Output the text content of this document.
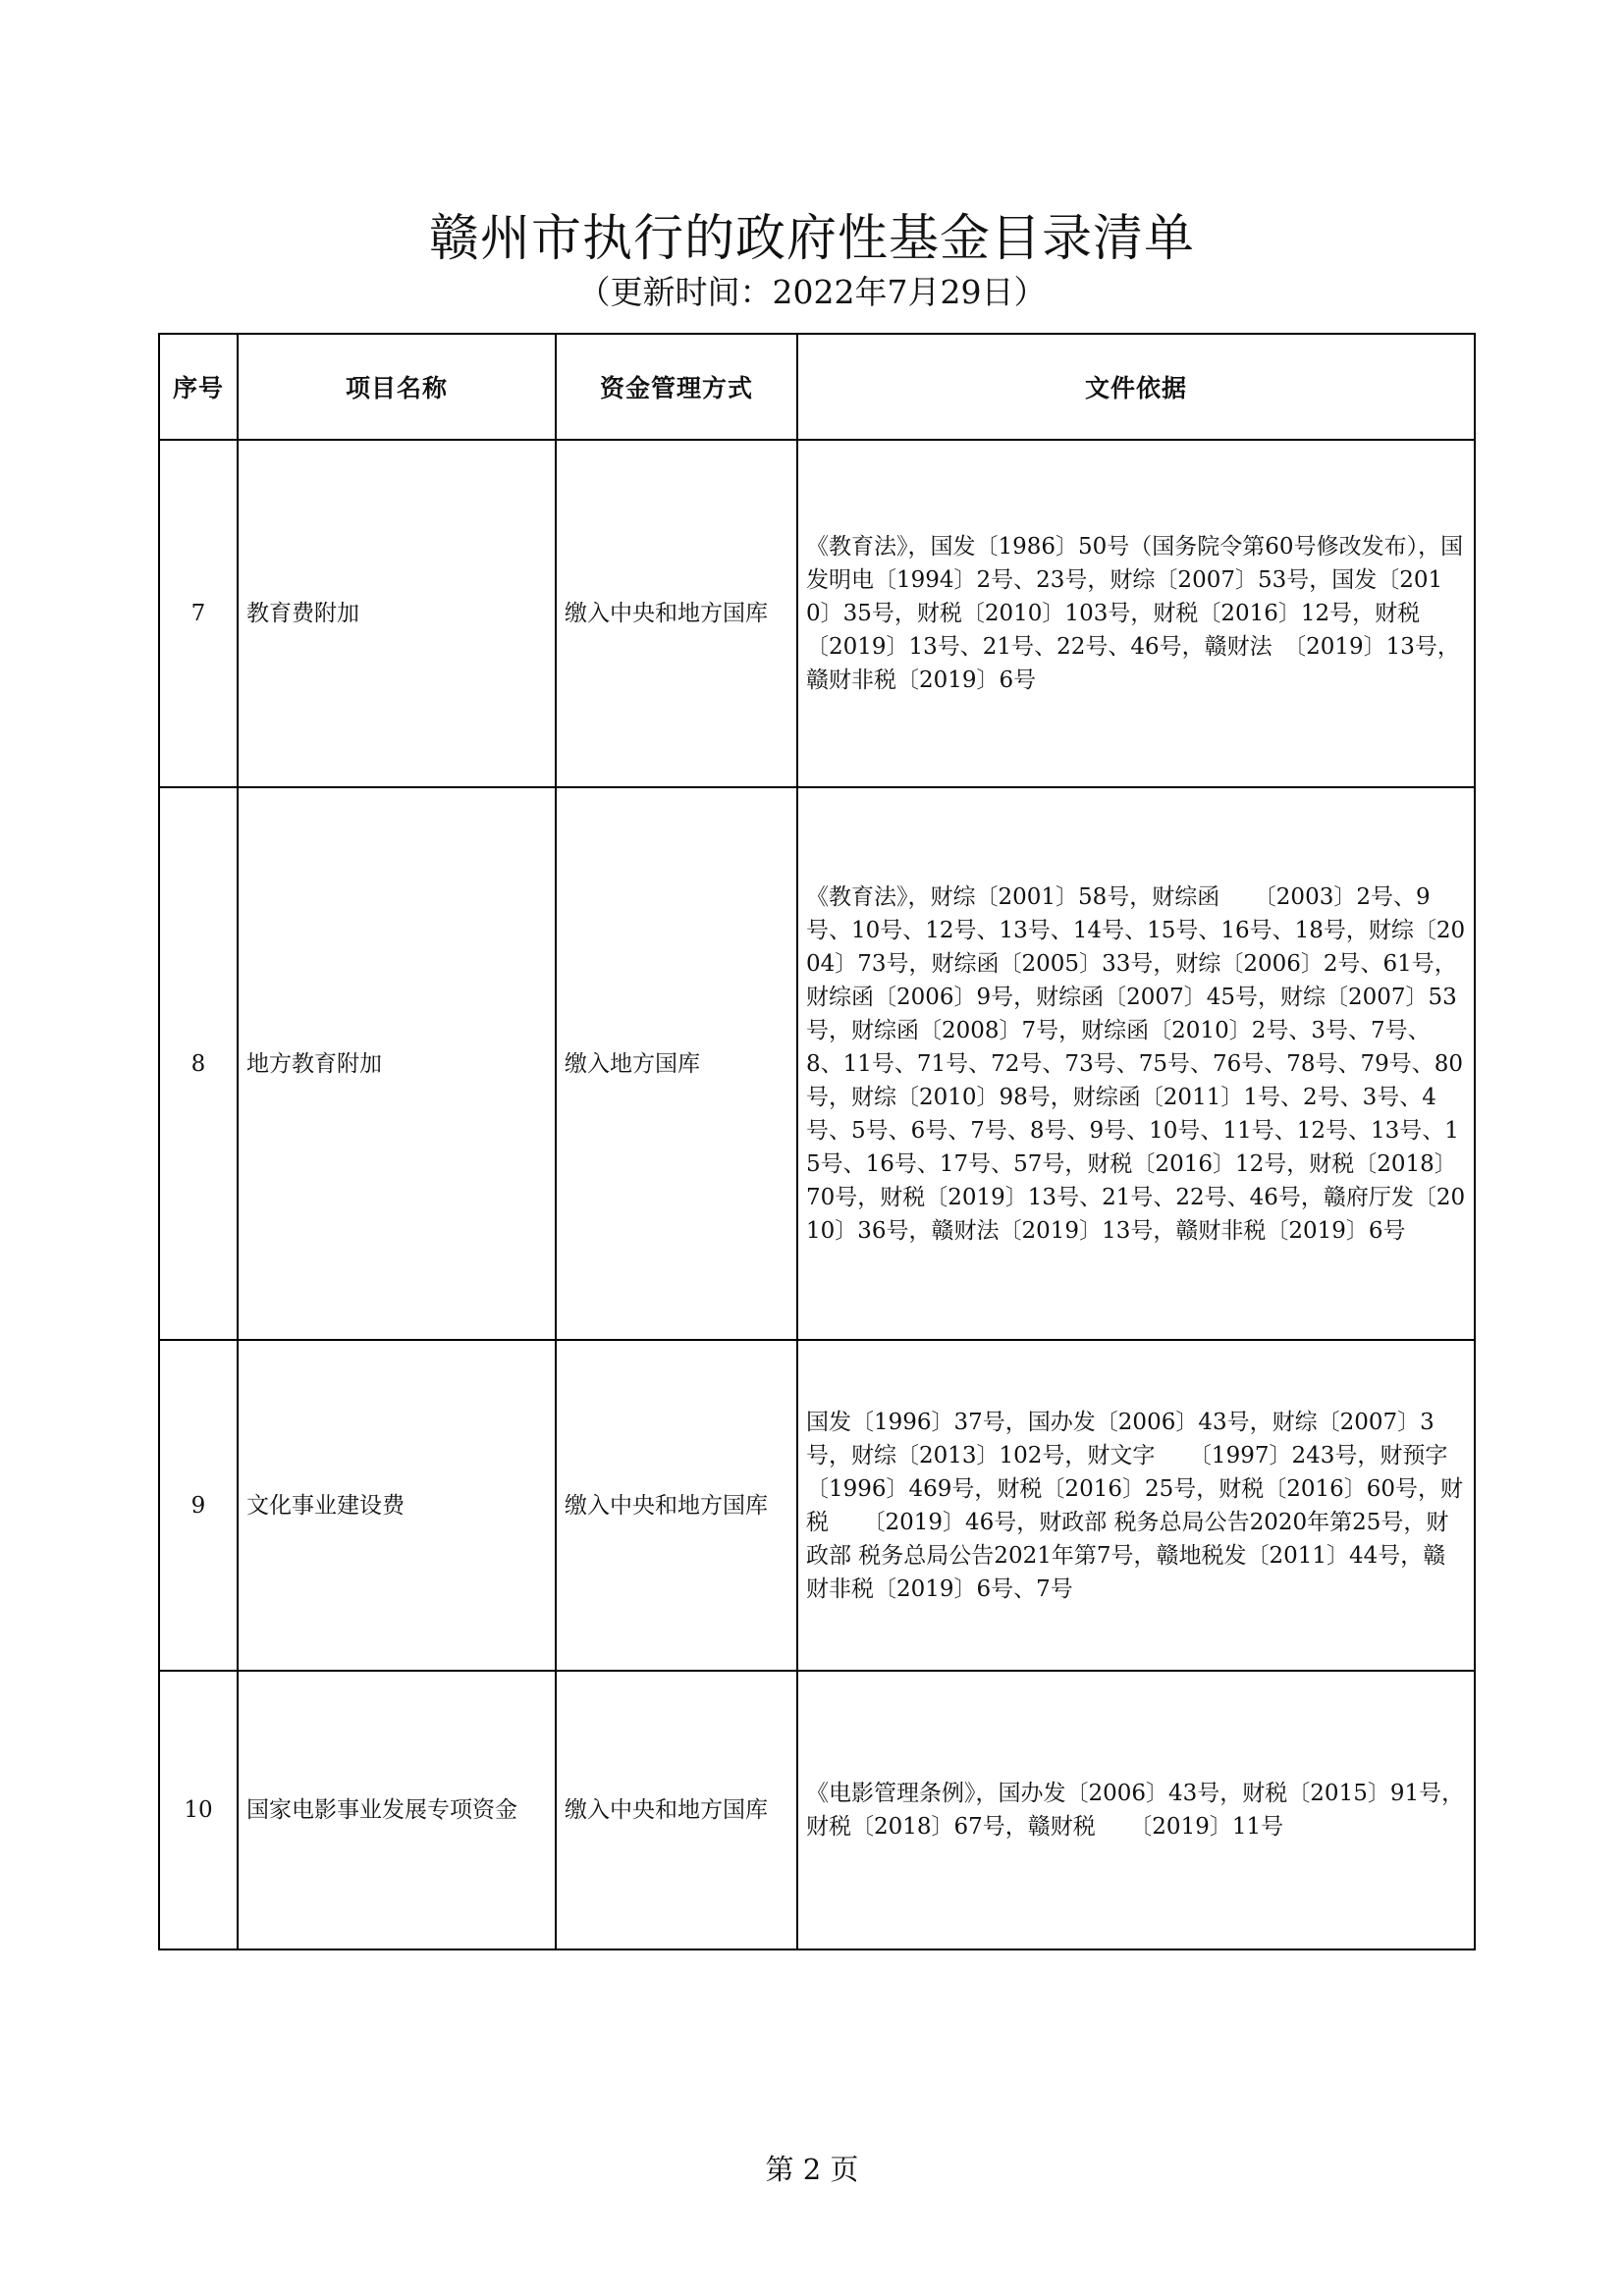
赣州市执行的政府性基金目录清单
（更新时间：2022年7月29日）
序号	项目名称	资金管理方式	文件依据
7	教育费附加	缴入中央和地方国库	《教育法》，国发〔1986〕50号（国务院令第60号修改发布），国发明电〔1994〕2号、23号，财综〔2007〕53号，国发〔2010〕35号，财税〔2010〕103号，财税〔2016〕12号，财税　〔2019〕13号、21号、22号、46号，赣财法　〔2019〕13号，赣财非税〔2019〕6号
8	地方教育附加	缴入地方国库	《教育法》，财综〔2001〕58号，财综函　　〔2003〕2号、9号、10号、12号、13号、14号、15号、16号、18号，财综〔2004〕73号，财综函〔2005〕33号，财综〔2006〕2号、61号，财综函〔2006〕9号，财综函〔2007〕45号，财综〔2007〕53号，财综函〔2008〕7号，财综函〔2010〕2号、3号、7号、8、11号、71号、72号、73号、75号、76号、78号、79号、80号，财综〔2010〕98号，财综函〔2011〕1号、2号、3号、4号、5号、6号、7号、8号、9号、10号、11号、12号、13号、15号、16号、17号、57号，财税〔2016〕12号，财税〔2018〕70号，财税〔2019〕13号、21号、22号、46号，赣府厅发〔2010〕36号，赣财法〔2019〕13号，赣财非税〔2019〕6号
9	文化事业建设费	缴入中央和地方国库	国发〔1996〕37号，国办发〔2006〕43号，财综〔2007〕3号，财综〔2013〕102号，财文字　　〔1997〕243号，财预字〔1996〕469号，财税〔2016〕25号，财税〔2016〕60号，财税　　〔2019〕46号，财政部 税务总局公告2020年第25号，财政部 税务总局公告2021年第7号，赣地税发〔2011〕44号，赣财非税〔2019〕6号、7号
10	国家电影事业发展专项资金	缴入中央和地方国库	《电影管理条例》，国办发〔2006〕43号，财税〔2015〕91号，财税〔2018〕67号，赣财税　　〔2019〕11号
第 2 页
